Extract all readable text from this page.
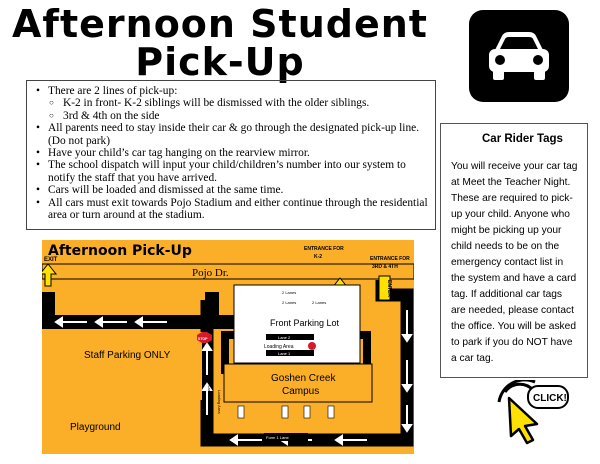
Afternoon Student
Pick-Up
• There are 2 lines of pick-up:
○ K-2 in front- K-2 siblings will be dismissed with the older siblings.
○ 3rd & 4th on the side
• All parents need to stay inside their car & go through the designated pick-up line. (Do not park)
• Have your child’s car tag hanging on the rearview mirror.
• The school dispatch will input your child/children’s number into our system to notify the staff that you have arrived.
• Cars will be loaded and dismissed at the same time.
• All cars must exit towards Pojo Stadium and either continue through the residential area or turn around at the stadium.
Pojo Dr.
EXIT
ENTER
ENTRANCE FOR
K-2	ENTRANCE FOR
3RD & 4TH
Staff Parking ONLY
STOP
Front Parking Lot
2 Lanes
2 Lanes	2 Lanes
Lane 2
Loading Area
Lane 1
Goshen Creek
Campus
1 Lane
Loading Area
Playground
Form 1 Lane
Afternoon Pick-Up
Car Rider Tags

You will receive your car tag at Meet the Teacher Night. These are required to pick-up your child. Anyone who might be picking up your child needs to be on the emergency contact list in the system and have a card tag. If additional car tags are needed, please contact the office. You will be asked to park if you do NOT have a car tag.

CLICK!
